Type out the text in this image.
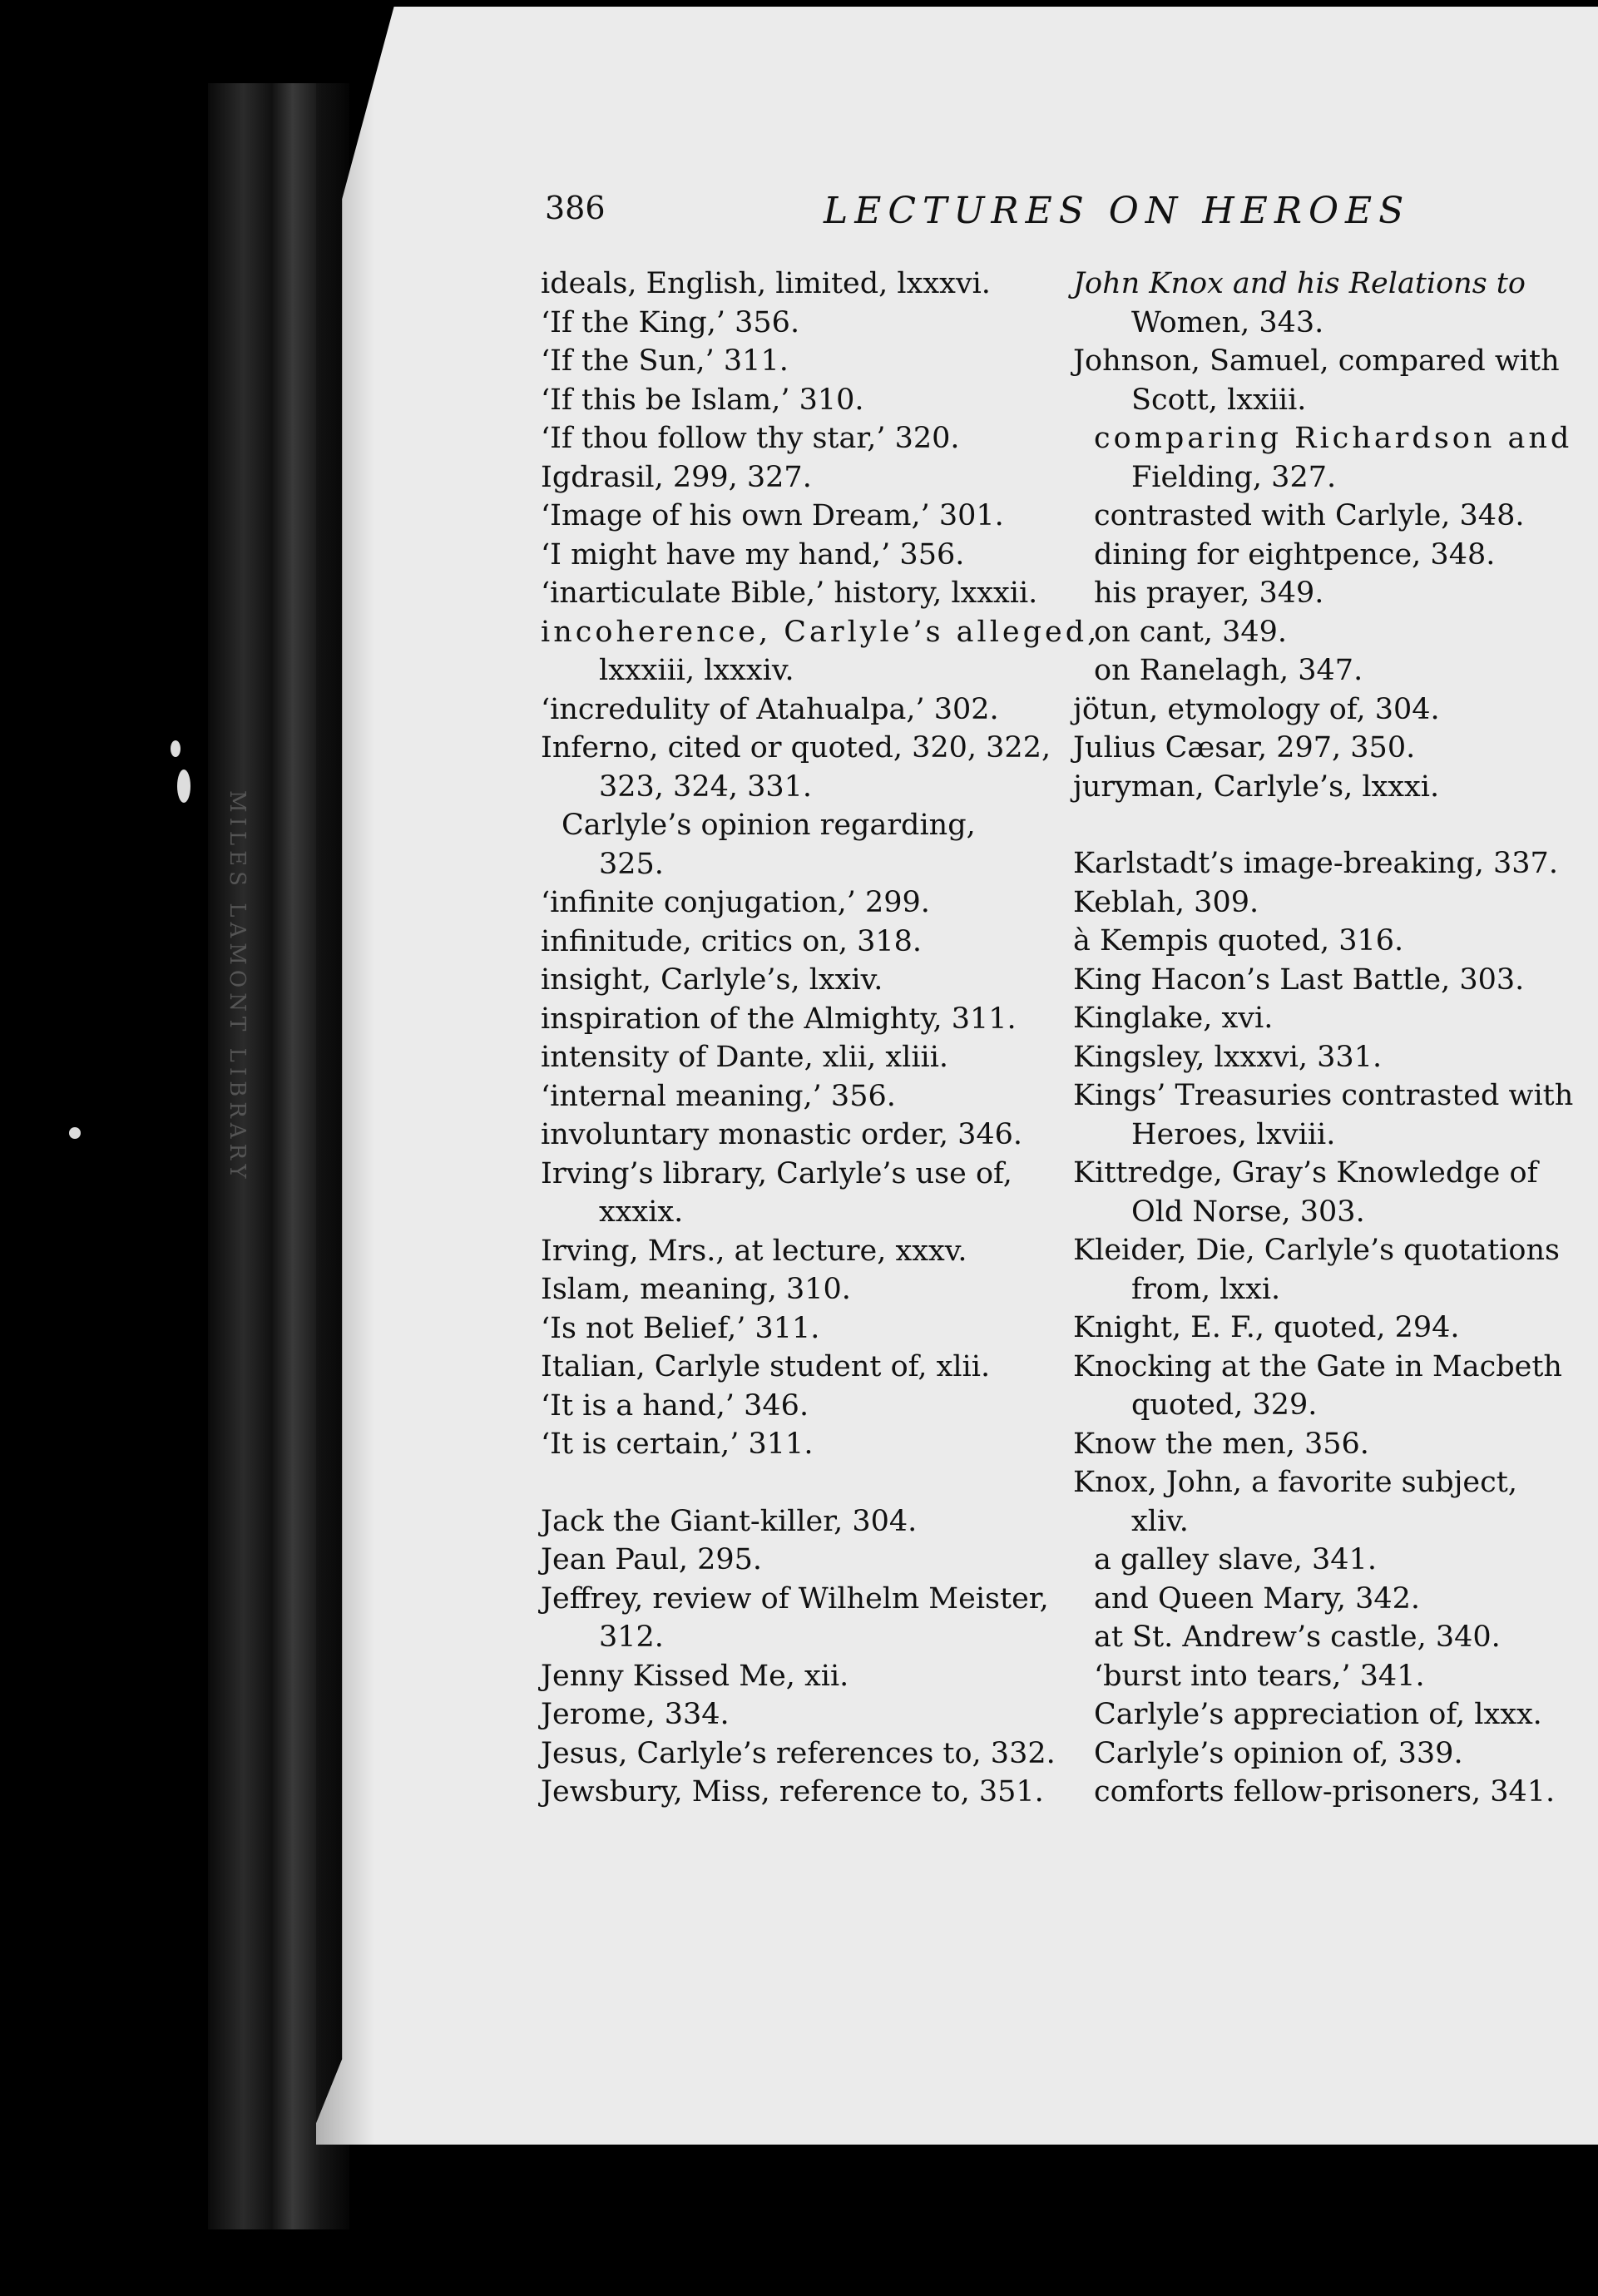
MILES LAMONT LIBRARY
386	LECTURES ON HEROES
ideals, English, limited, lxxxvi.
‘If the King,’ 356.
‘If the Sun,’ 311.
‘If this be Islam,’ 310.
‘If thou follow thy star,’ 320.
Igdrasil, 299, 327.
‘Image of his own Dream,’ 301.
‘I might have my hand,’ 356.
‘inarticulate Bible,’ history, lxxxii.
incoherence, Carlyle’s alleged,
lxxxiii, lxxxiv.
‘incredulity of Atahualpa,’ 302.
Inferno, cited or quoted, 320, 322,
323, 324, 331.
Carlyle’s opinion regarding,
325.
‘infinite conjugation,’ 299.
infinitude, critics on, 318.
insight, Carlyle’s, lxxiv.
inspiration of the Almighty, 311.
intensity of Dante, xlii, xliii.
‘internal meaning,’ 356.
involuntary monastic order, 346.
Irving’s library, Carlyle’s use of,
xxxix.
Irving, Mrs., at lecture, xxxv.
Islam, meaning, 310.
‘Is not Belief,’ 311.
Italian, Carlyle student of, xlii.
‘It is a hand,’ 346.
‘It is certain,’ 311.
Jack the Giant-killer, 304.
Jean Paul, 295.
Jeffrey, review of Wilhelm Meister,
312.
Jenny Kissed Me, xii.
Jerome, 334.
Jesus, Carlyle’s references to, 332.
Jewsbury, Miss, reference to, 351.
John Knox and his Relations to
Women, 343.
Johnson, Samuel, compared with
Scott, lxxiii.
comparing Richardson and
Fielding, 327.
contrasted with Carlyle, 348.
dining for eightpence, 348.
his prayer, 349.
on cant, 349.
on Ranelagh, 347.
jötun, etymology of, 304.
Julius Cæsar, 297, 350.
juryman, Carlyle’s, lxxxi.
Karlstadt’s image-breaking, 337.
Keblah, 309.
à Kempis quoted, 316.
King Hacon’s Last Battle, 303.
Kinglake, xvi.
Kingsley, lxxxvi, 331.
Kings’ Treasuries contrasted with
Heroes, lxviii.
Kittredge, Gray’s Knowledge of
Old Norse, 303.
Kleider, Die, Carlyle’s quotations
from, lxxi.
Knight, E. F., quoted, 294.
Knocking at the Gate in Macbeth
quoted, 329.
Know the men, 356.
Knox, John, a favorite subject,
xliv.
a galley slave, 341.
and Queen Mary, 342.
at St. Andrew’s castle, 340.
‘burst into tears,’ 341.
Carlyle’s appreciation of, lxxx.
Carlyle’s opinion of, 339.
comforts fellow-prisoners, 341.
